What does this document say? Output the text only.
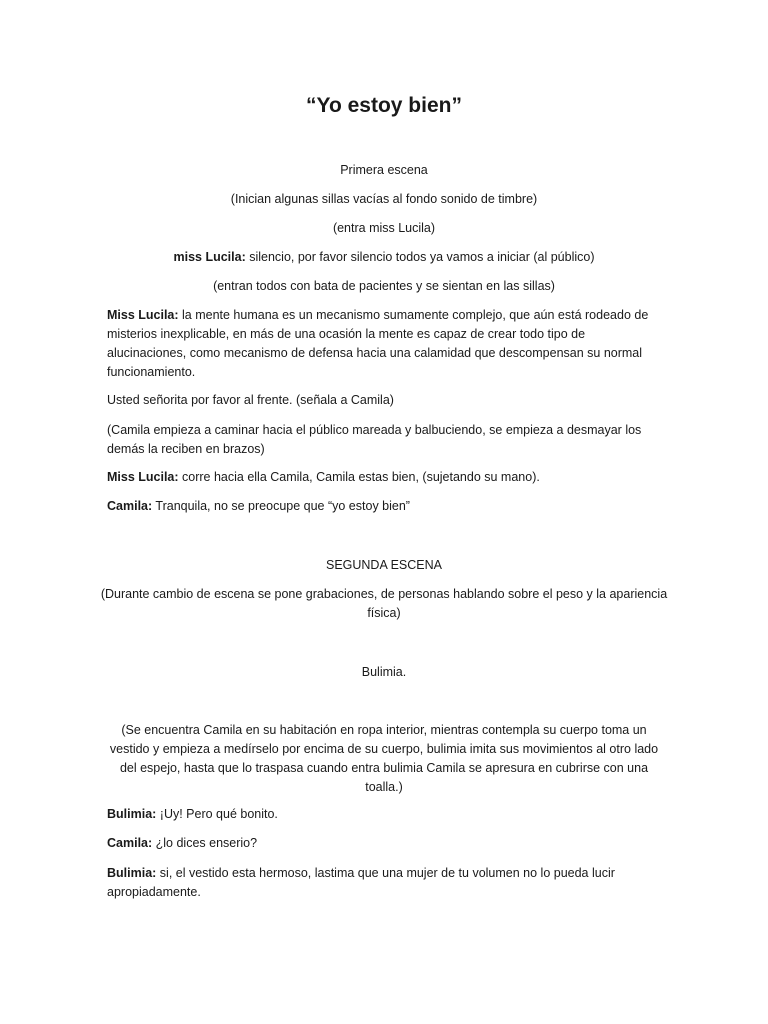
“Yo estoy bien”

Primera escena

(Inician algunas sillas vacías al fondo sonido de timbre)

(entra miss Lucila)

miss Lucila: silencio, por favor silencio todos ya vamos a iniciar (al público)

(entran todos con bata de pacientes y se sientan en las sillas)

Miss Lucila: la mente humana es un mecanismo sumamente complejo, que aún está rodeado de misterios inexplicable, en más de una ocasión la mente es capaz de crear todo tipo de alucinaciones, como mecanismo de defensa hacia una calamidad que descompensan su normal funcionamiento.

Usted señorita por favor al frente. (señala a Camila)

(Camila empieza a caminar hacia el público mareada y balbuciendo, se empieza a desmayar los demás la reciben en brazos)

Miss Lucila: corre hacia ella Camila, Camila estas bien, (sujetando su mano).

Camila: Tranquila, no se preocupe que “yo estoy bien”

SEGUNDA ESCENA

(Durante cambio de escena se pone grabaciones, de personas hablando sobre el peso y la apariencia física)

Bulimia.

(Se encuentra Camila en su habitación en ropa interior, mientras contempla su cuerpo toma un vestido y empieza a medírselo por encima de su cuerpo, bulimia imita sus movimientos al otro lado del espejo, hasta que lo traspasa cuando entra bulimia Camila se apresura en cubrirse con una toalla.)

Bulimia: ¡Uy! Pero qué bonito.

Camila: ¿lo dices enserio?

Bulimia: si, el vestido esta hermoso, lastima que una mujer de tu volumen no lo pueda lucir apropiadamente.
